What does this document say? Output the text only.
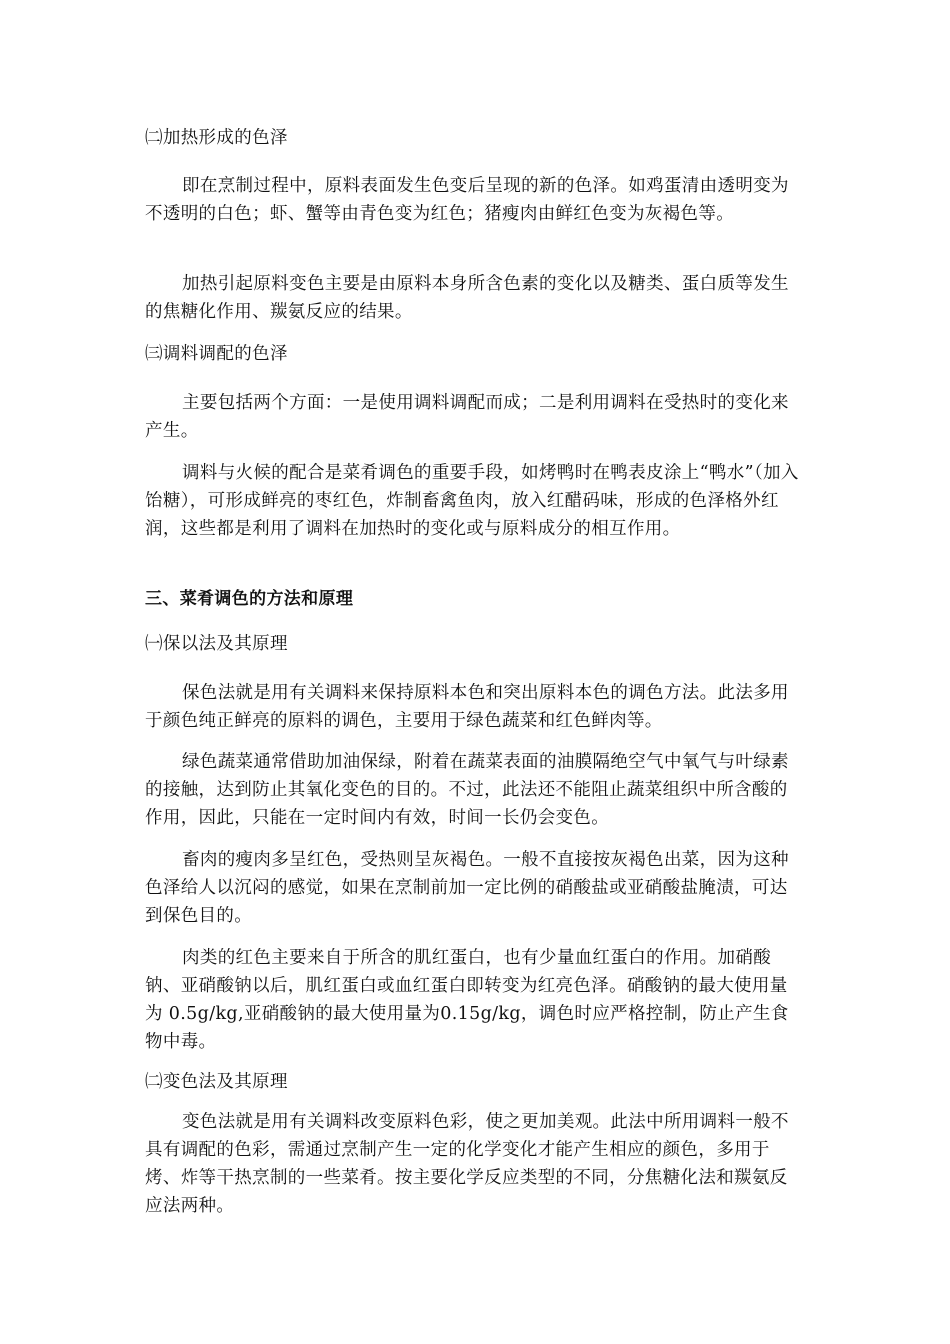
㈡加热形成的色泽

即在烹制过程中，原料表面发生色变后呈现的新的色泽。如鸡蛋清由透明变为不透明的白色；虾、蟹等由青色变为红色；猪瘦肉由鲜红色变为灰褐色等。

加热引起原料变色主要是由原料本身所含色素的变化以及糖类、蛋白质等发生的焦糖化作用、羰氨反应的结果。

㈢调料调配的色泽

主要包括两个方面：一是使用调料调配而成；二是利用调料在受热时的变化来产生。

调料与火候的配合是菜肴调色的重要手段，如烤鸭时在鸭表皮涂上“鸭水”（加入饴糖），可形成鲜亮的枣红色，炸制畜禽鱼肉，放入红醋码味，形成的色泽格外红润，这些都是利用了调料在加热时的变化或与原料成分的相互作用。

三、菜肴调色的方法和原理

㈠保以法及其原理

保色法就是用有关调料来保持原料本色和突出原料本色的调色方法。此法多用于颜色纯正鲜亮的原料的调色，主要用于绿色蔬菜和红色鲜肉等。

绿色蔬菜通常借助加油保绿，附着在蔬菜表面的油膜隔绝空气中氧气与叶绿素的接触，达到防止其氧化变色的目的。不过，此法还不能阻止蔬菜组织中所含酸的作用，因此，只能在一定时间内有效，时间一长仍会变色。

畜肉的瘦肉多呈红色，受热则呈灰褐色。一般不直接按灰褐色出菜，因为这种色泽给人以沉闷的感觉，如果在烹制前加一定比例的硝酸盐或亚硝酸盐腌渍，可达到保色目的。

肉类的红色主要来自于所含的肌红蛋白，也有少量血红蛋白的作用。加硝酸钠、亚硝酸钠以后，肌红蛋白或血红蛋白即转变为红亮色泽。硝酸钠的最大使用量为 0.5g/kg,亚硝酸钠的最大使用量为0.15g/kg，调色时应严格控制，防止产生食物中毒。

㈡变色法及其原理

变色法就是用有关调料改变原料色彩，使之更加美观。此法中所用调料一般不具有调配的色彩，需通过烹制产生一定的化学变化才能产生相应的颜色，多用于烤、炸等干热烹制的一些菜肴。按主要化学反应类型的不同，分焦糖化法和羰氨反应法两种。
